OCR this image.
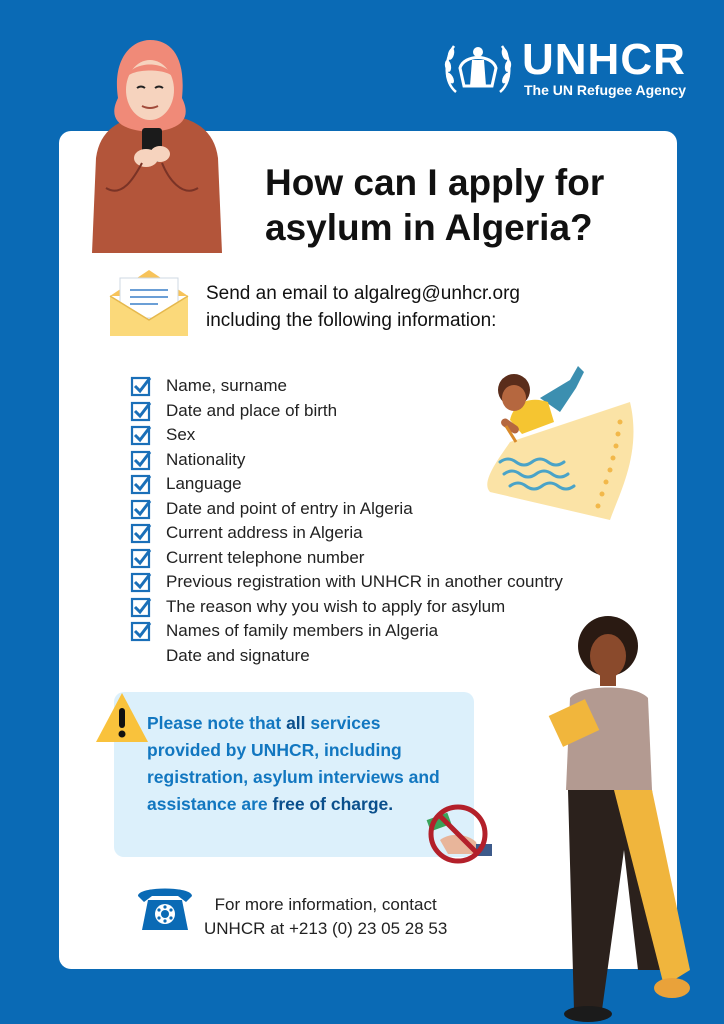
UNHCR
The UN Refugee Agency
How can I apply for
asylum in Algeria?
Send an email to algalreg@unhcr.org
including the following information:
Name, surname
Date and place of birth
Sex
Nationality
Language
Date and point of entry in Algeria
Current address in Algeria
Current telephone number
Previous registration with UNHCR in another country
The reason why you wish to apply for asylum
Names of family members in Algeria
Date and signature
Please note that all services provided by UNHCR, including registration, asylum interviews and assistance are free of charge.
For more information, contact
UNHCR at +213 (0) 23 05 28 53
